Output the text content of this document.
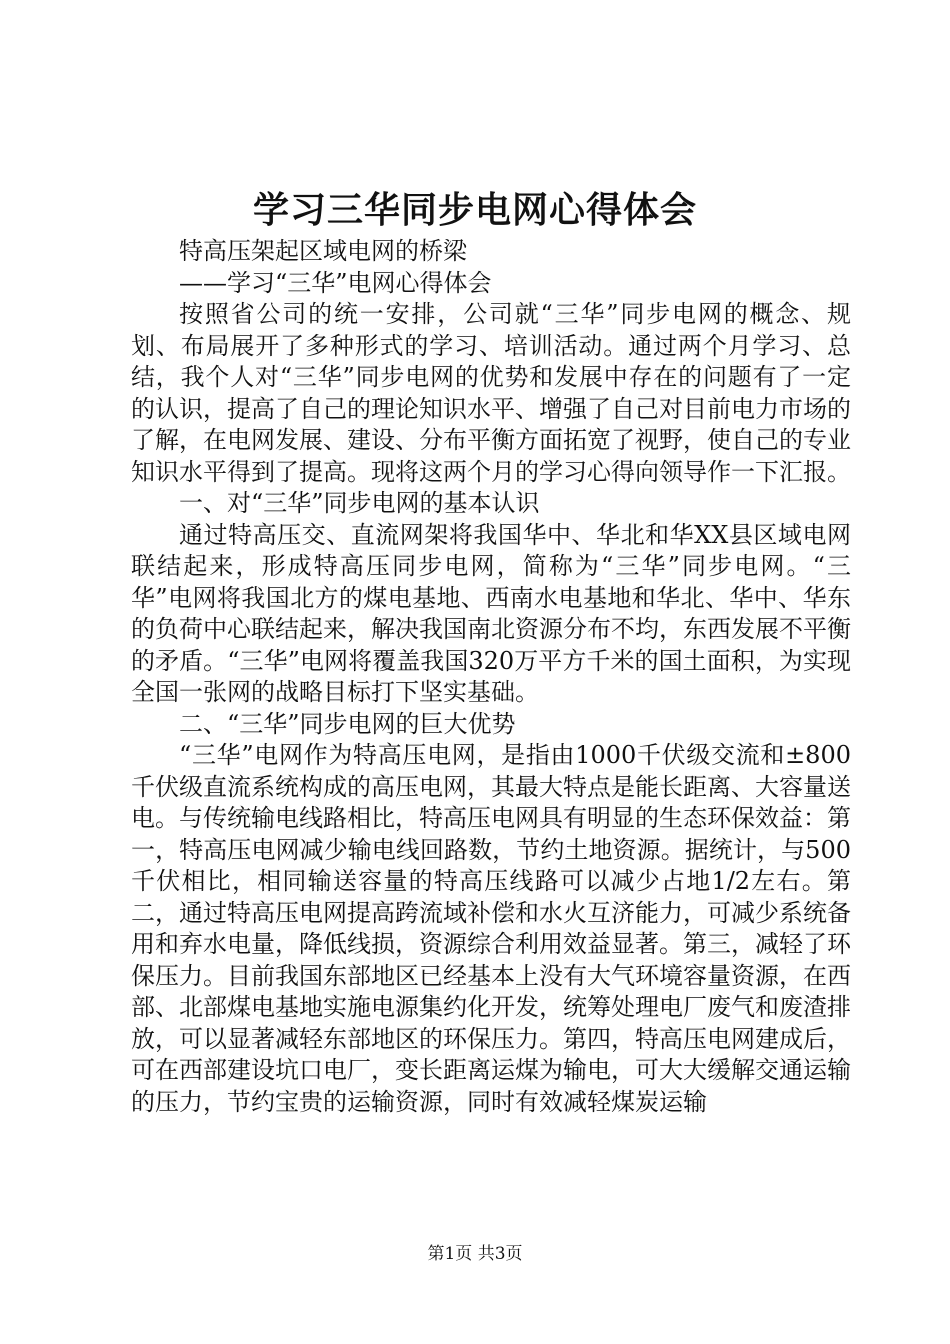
学习三华同步电网心得体会

特高压架起区域电网的桥梁

——学习“三华”电网心得体会

按照省公司的统一安排，公司就“三华”同步电网的概念、规划、布局展开了多种形式的学习、培训活动。通过两个月学习、总结，我个人对“三华”同步电网的优势和发展中存在的问题有了一定的认识，提高了自己的理论知识水平、增强了自己对目前电力市场的了解，在电网发展、建设、分布平衡方面拓宽了视野，使自己的专业知识水平得到了提高。现将这两个月的学习心得向领导作一下汇报。

一、对“三华”同步电网的基本认识

通过特高压交、直流网架将我国华中、华北和华XX县区域电网联结起来，形成特高压同步电网，简称为“三华”同步电网。“三华”电网将我国北方的煤电基地、西南水电基地和华北、华中、华东的负荷中心联结起来，解决我国南北资源分布不均，东西发展不平衡的矛盾。“三华”电网将覆盖我国320万平方千米的国土面积，为实现全国一张网的战略目标打下坚实基础。

二、“三华”同步电网的巨大优势

“三华”电网作为特高压电网，是指由1000千伏级交流和±800千伏级直流系统构成的高压电网，其最大特点是能长距离、大容量送电。与传统输电线路相比，特高压电网具有明显的生态环保效益：第一，特高压电网减少输电线回路数，节约土地资源。据统计，与500千伏相比，相同输送容量的特高压线路可以减少占地1/2左右。第二，通过特高压电网提高跨流域补偿和水火互济能力，可减少系统备用和弃水电量，降低线损，资源综合利用效益显著。第三，减轻了环保压力。目前我国东部地区已经基本上没有大气环境容量资源，在西部、北部煤电基地实施电源集约化开发，统筹处理电厂废气和废渣排放，可以显著减轻东部地区的环保压力。第四，特高压电网建成后，可在西部建设坑口电厂，变长距离运煤为输电，可大大缓解交通运输的压力，节约宝贵的运输资源，同时有效减轻煤炭运输

第1页 共3页
